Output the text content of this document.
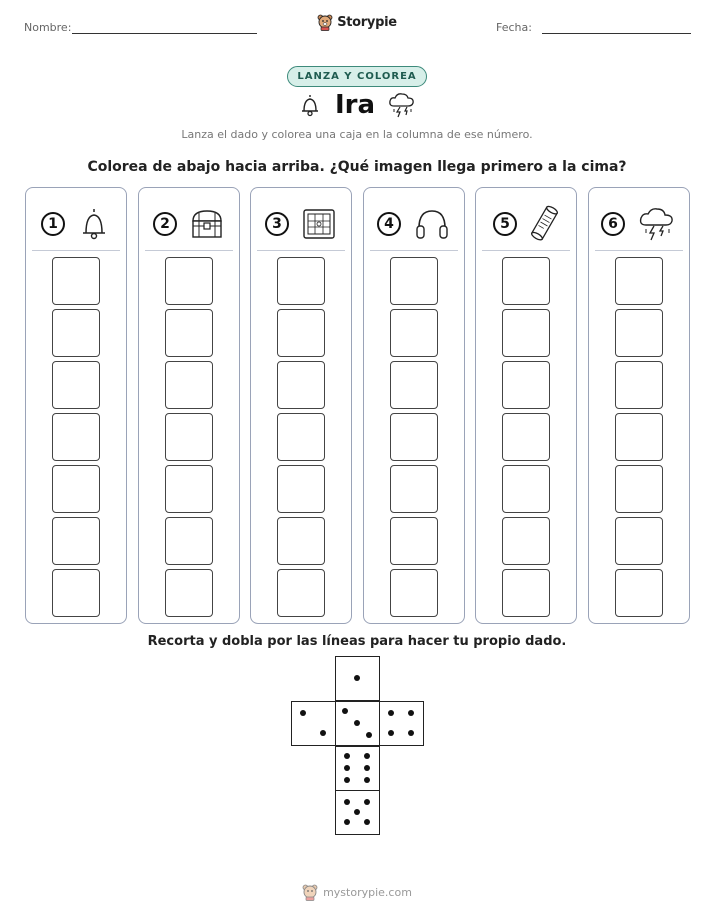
Nombre:	Storypie	Fecha:
LANZA Y COLOREA
Ira
Lanza el dado y colorea una caja en la columna de ese número.
Colorea de abajo hacia arriba. ¿Qué imagen llega primero a la cima?
1	2	3	4	5	6
Recorta y dobla por las líneas para hacer tu propio dado.
mystorypie.com
